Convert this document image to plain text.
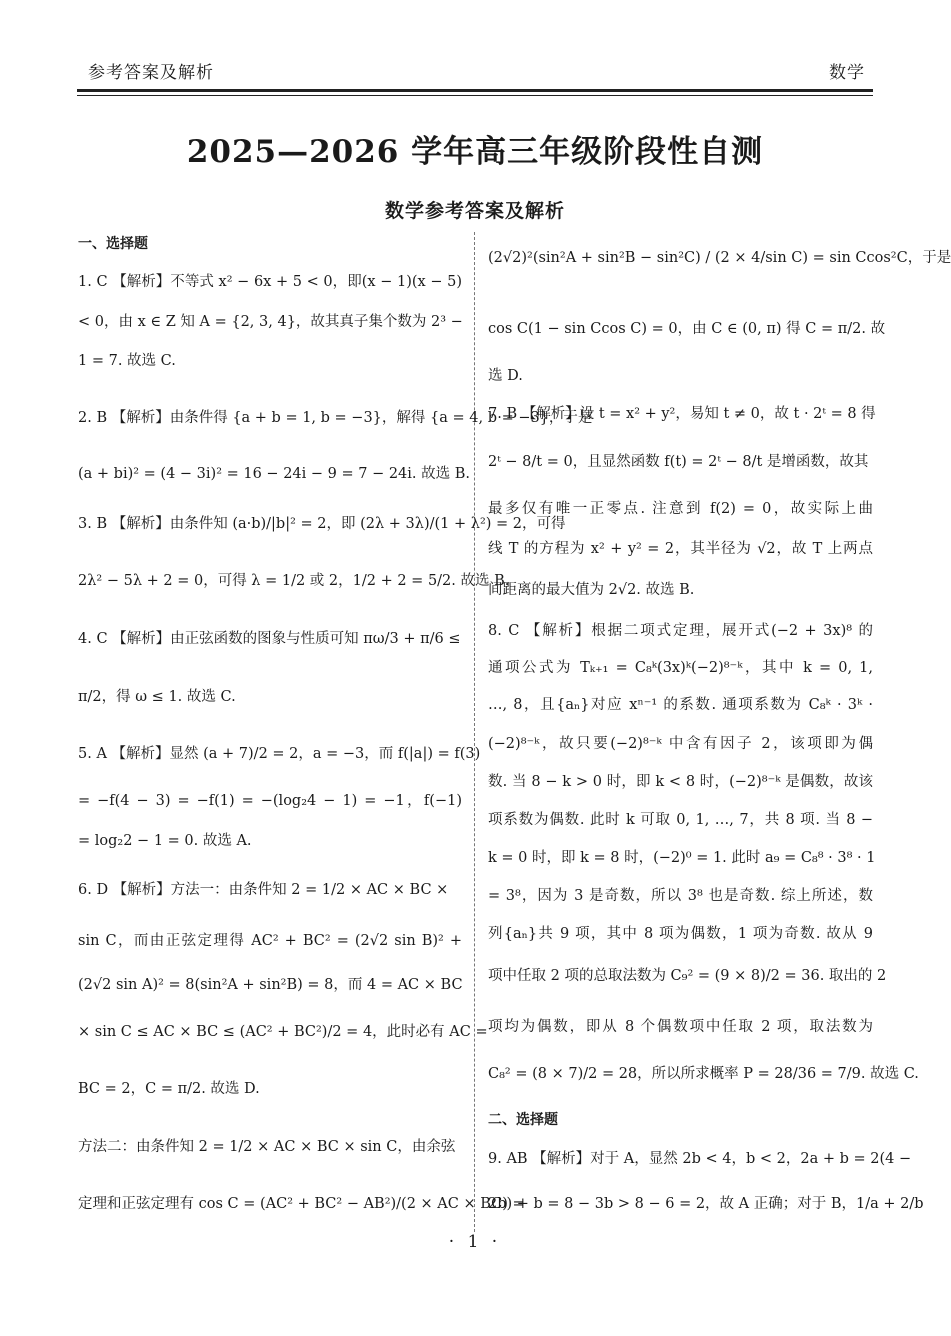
参考答案及解析	数学
2025—2026 学年高三年级阶段性自测
数学参考答案及解析
一、选择题
1. C 【解析】不等式 x² − 6x + 5 < 0，即(x − 1)(x − 5)
< 0，由 x ∈ Z 知 A = {2, 3, 4}，故其真子集个数为 2³ −
1 = 7. 故选 C.
2. B 【解析】由条件得 {a + b = 1, b = −3}，解得 {a = 4, b = −3}，于是
(a + bi)² = (4 − 3i)² = 16 − 24i − 9 = 7 − 24i. 故选 B.
3. B 【解析】由条件知 (a·b)/|b|² = 2，即 (2λ + 3λ)/(1 + λ²) = 2，可得
2λ² − 5λ + 2 = 0，可得 λ = 1/2 或 2，1/2 + 2 = 5/2. 故选 B.
4. C 【解析】由正弦函数的图象与性质可知 πω/3 + π/6 ≤
π/2，得 ω ≤ 1. 故选 C.
5. A 【解析】显然 (a + 7)/2 = 2，a = −3，而 f(|a|) = f(3)
= −f(4 − 3) = −f(1) = −(log₂4 − 1) = −1，f(−1)
= log₂2 − 1 = 0. 故选 A.
6. D 【解析】方法一：由条件知 2 = 1/2 × AC × BC ×
sin C，而由正弦定理得 AC² + BC² = (2√2 sin B)² +
(2√2 sin A)² = 8(sin²A + sin²B) = 8，而 4 = AC × BC
× sin C ≤ AC × BC ≤ (AC² + BC²)/2 = 4，此时必有 AC =
BC = 2，C = π/2. 故选 D.
方法二：由条件知 2 = 1/2 × AC × BC × sin C，由余弦
定理和正弦定理有 cos C = (AC² + BC² − AB²)/(2 × AC × BC) =
(2√2)²(sin²A + sin²B − sin²C) / (2 × 4/sin C) = sin Ccos²C，于是
cos C(1 − sin Ccos C) = 0，由 C ∈ (0, π) 得 C = π/2. 故
选 D.
7. B 【解析】设 t = x² + y²，易知 t ≠ 0，故 t · 2ᵗ = 8 得
2ᵗ − 8/t = 0，且显然函数 f(t) = 2ᵗ − 8/t 是增函数，故其
最多仅有唯一正零点. 注意到 f(2) = 0，故实际上曲
线 T 的方程为 x² + y² = 2，其半径为 √2，故 T 上两点
间距离的最大值为 2√2. 故选 B.
8. C 【解析】根据二项式定理，展开式(−2 + 3x)⁸ 的
通项公式为 Tₖ₊₁ = C₈ᵏ(3x)ᵏ(−2)⁸⁻ᵏ，其中 k = 0, 1,
…, 8，且{aₙ}对应 xⁿ⁻¹ 的系数. 通项系数为 C₈ᵏ · 3ᵏ ·
(−2)⁸⁻ᵏ，故只要(−2)⁸⁻ᵏ 中含有因子 2，该项即为偶
数. 当 8 − k > 0 时，即 k < 8 时，(−2)⁸⁻ᵏ 是偶数，故该
项系数为偶数. 此时 k 可取 0, 1, …, 7，共 8 项. 当 8 −
k = 0 时，即 k = 8 时，(−2)⁰ = 1. 此时 a₉ = C₈⁸ · 3⁸ · 1
= 3⁸，因为 3 是奇数，所以 3⁸ 也是奇数. 综上所述，数
列{aₙ}共 9 项，其中 8 项为偶数，1 项为奇数. 故从 9
项中任取 2 项的总取法数为 C₉² = (9 × 8)/2 = 36. 取出的 2
项均为偶数，即从 8 个偶数项中任取 2 项，取法数为
C₈² = (8 × 7)/2 = 28，所以所求概率 P = 28/36 = 7/9. 故选 C.
二、选择题
9. AB 【解析】对于 A，显然 2b < 4，b < 2，2a + b = 2(4 −
2b) + b = 8 − 3b > 8 − 6 = 2，故 A 正确；对于 B，1/a + 2/b
· 1 ·
